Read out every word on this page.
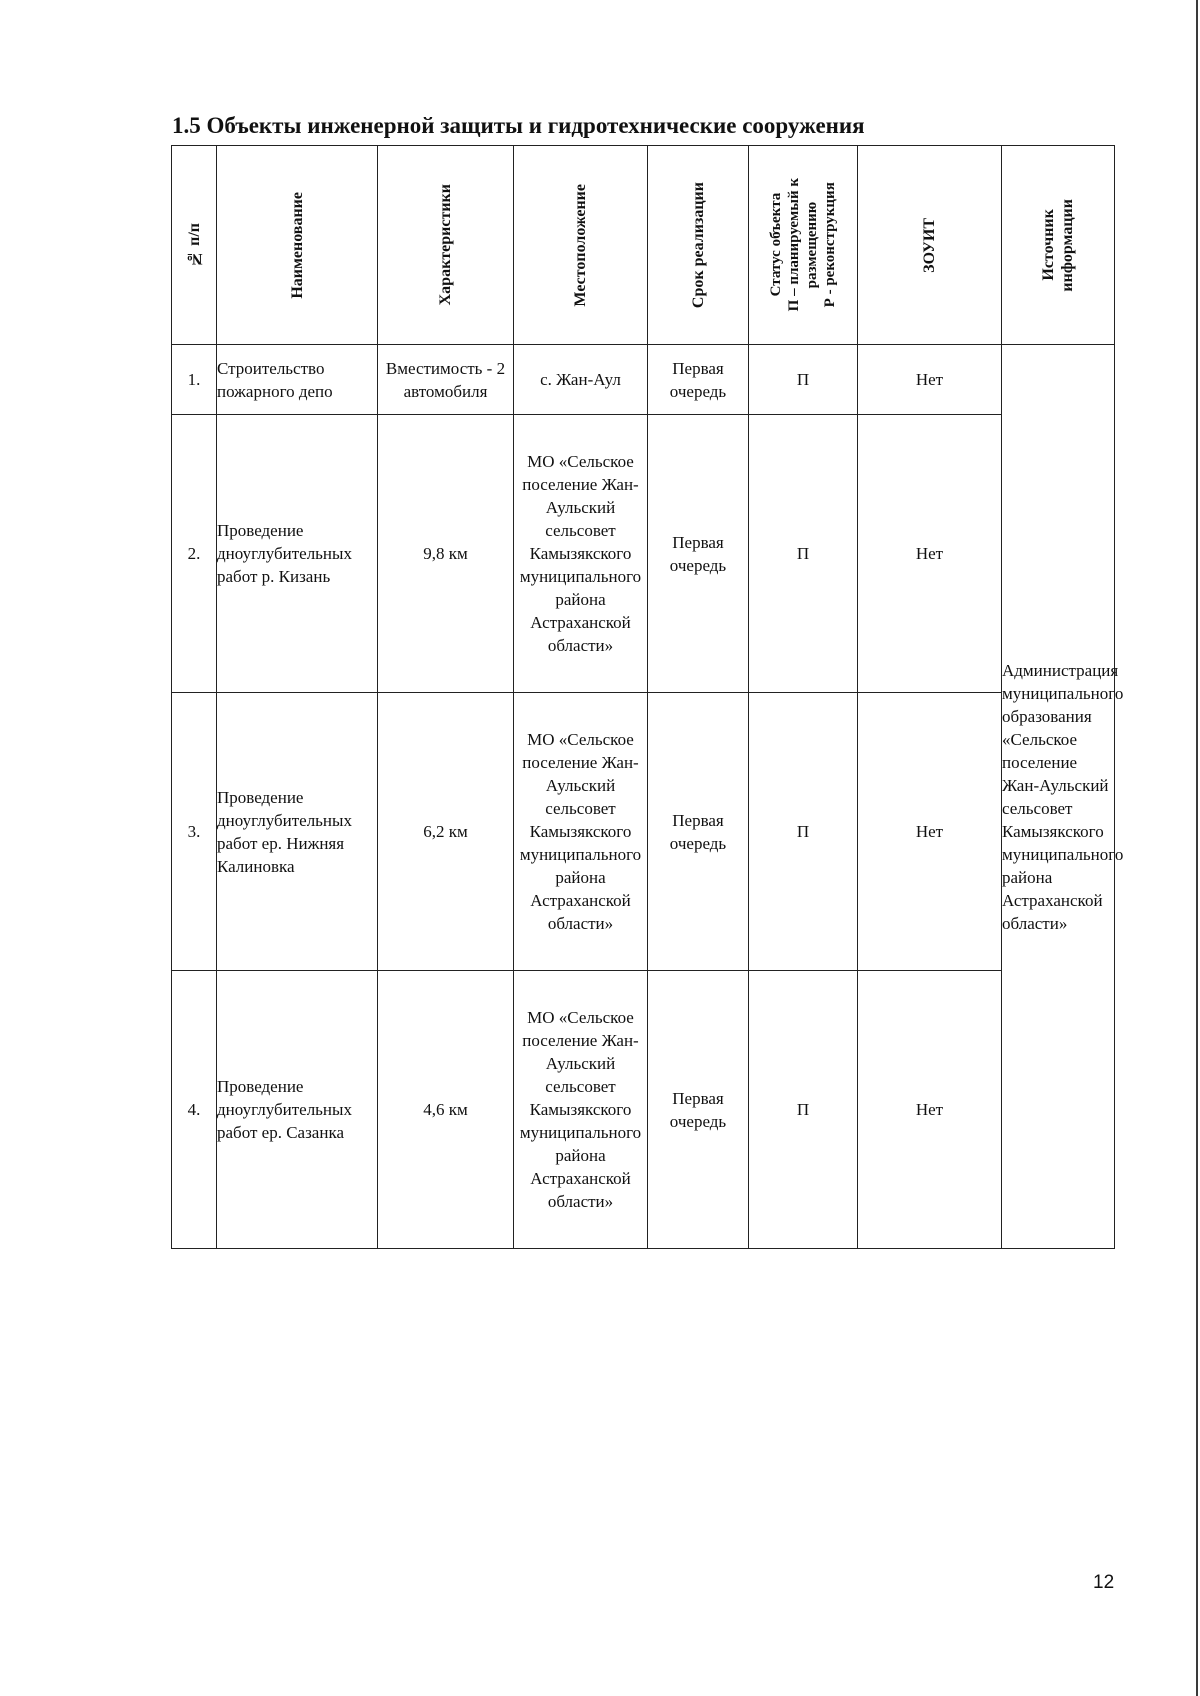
1.5 Объекты инженерной защиты и гидротехнические сооружения
№ п/п	Наименование	Характеристики	Местоположение	Срок реализации	Статус объекта П – планируемый к размещению Р - реконструкция	ЗОУИТ	Источник информации

1.	Строительство пожарного депо	Вместимость - 2 автомобиля	с. Жан-Аул	Первая очередь	П	Нет	Администрация муниципального образования «Сельское поселение Жан-Аульский сельсовет Камызякского муниципального района Астраханской области»
2.	Проведение дноуглубительных работ р. Кизань	9,8 км	МО «Сельское поселение Жан-Аульский сельсовет Камызякского муниципального района Астраханской области»	Первая очередь	П	Нет	
3.	Проведение дноуглубительных работ ер. Нижняя Калиновка	6,2 км	МО «Сельское поселение Жан-Аульский сельсовет Камызякского муниципального района Астраханской области»	Первая очередь	П	Нет	
4.	Проведение дноуглубительных работ ер. Сазанка	4,6 км	МО «Сельское поселение Жан-Аульский сельсовет Камызякского муниципального района Астраханской области»	Первая очередь	П	Нет	
12
